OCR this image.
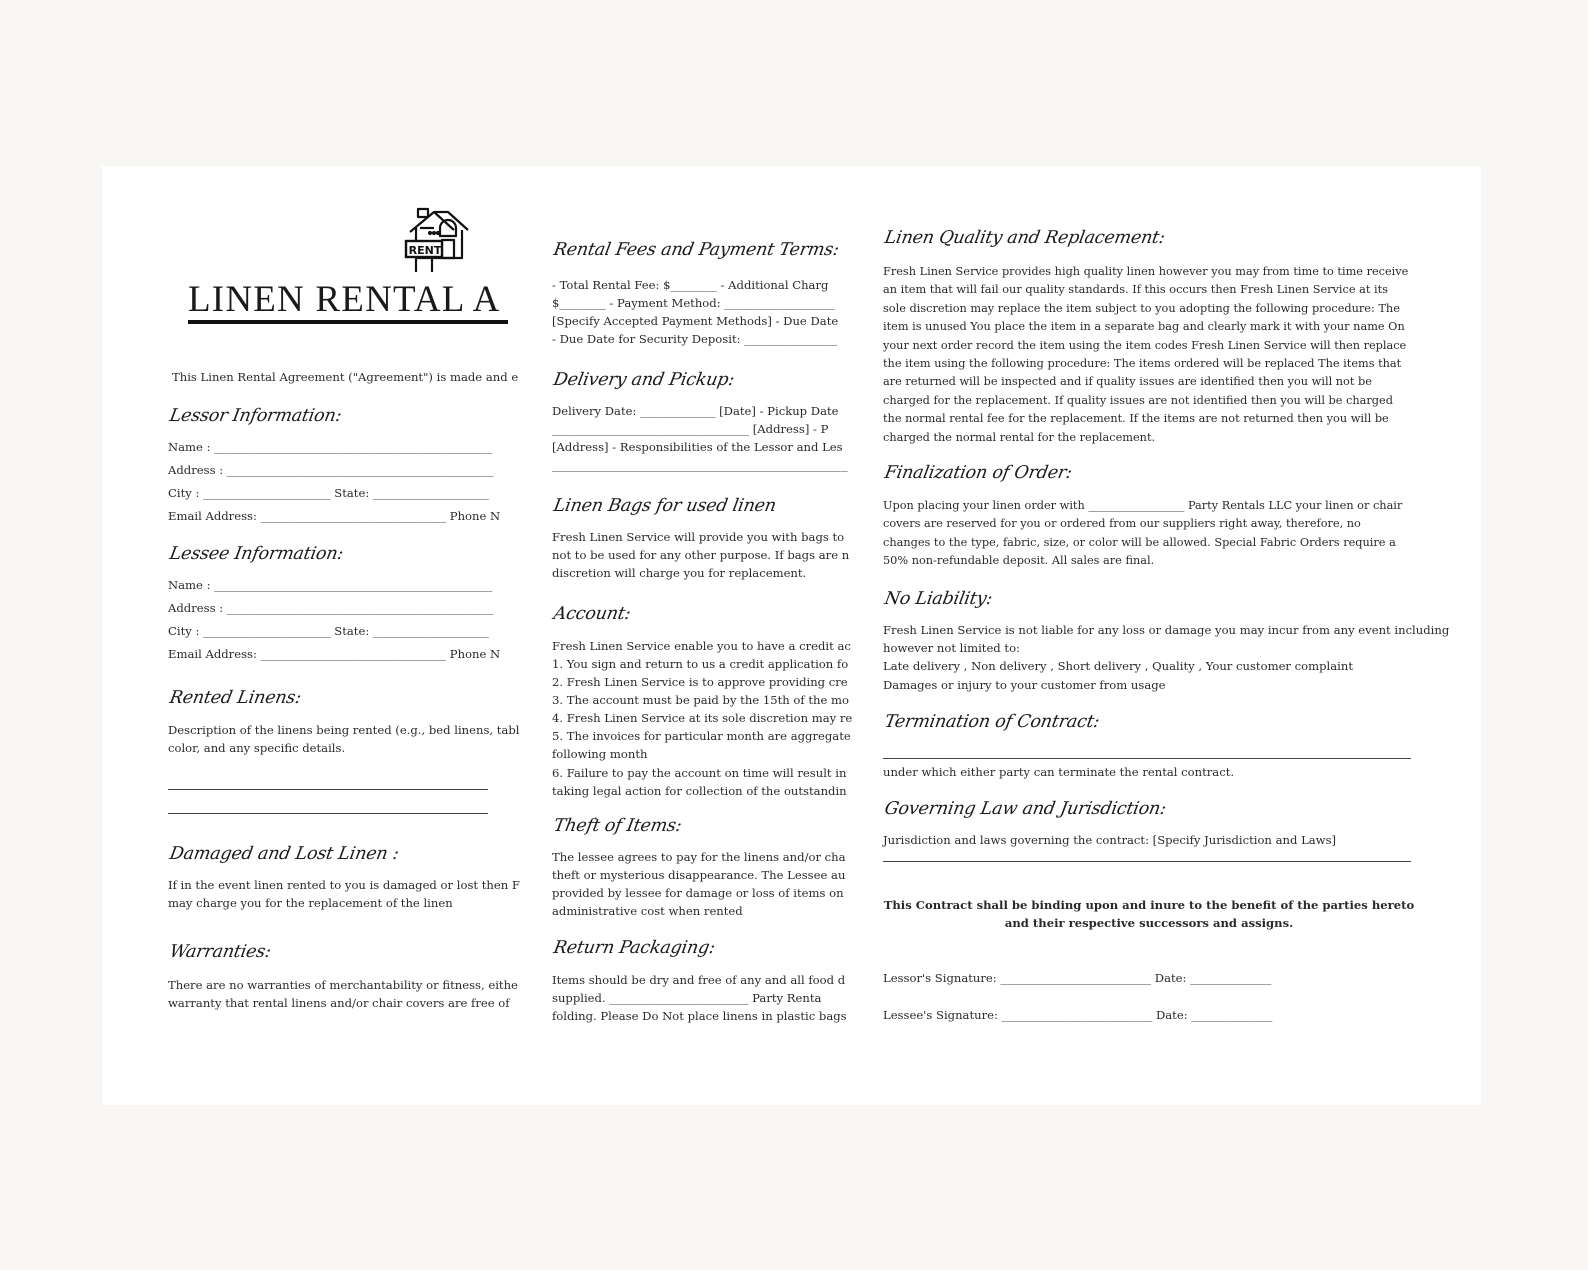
RENT
LINEN RENTAL A
This Linen Rental Agreement ("Agreement") is made and e
Lessor Information:
Name : ________________________________________________
Address : ______________________________________________
City : ______________________ State: ____________________
Email Address: ________________________________ Phone N
Lessee Information:
Name : ________________________________________________
Address : ______________________________________________
City : ______________________ State: ____________________
Email Address: ________________________________ Phone N
Rented Linens:
Description of the linens being rented (e.g., bed linens, tabl
color, and any specific details.
Damaged and Lost Linen :
If in the event linen rented to you is damaged or lost then F
may charge you for the replacement of the linen
Warranties:
There are no warranties of merchantability or fitness, eithe
warranty that rental linens and/or chair covers are free of
Rental Fees and Payment Terms:
- Total Rental Fee: $________ - Additional Charg
$________ - Payment Method: ___________________
[Specify Accepted Payment Methods] - Due Date
- Due Date for Security Deposit: ________________
Delivery and Pickup:
Delivery Date: _____________ [Date] - Pickup Date
__________________________________ [Address] - P
[Address] - Responsibilities of the Lessor and Les
___________________________________________________
Linen Bags for used linen
Fresh Linen Service will provide you with bags to
not to be used for any other purpose. If bags are n
discretion will charge you for replacement.
Account:
Fresh Linen Service enable you to have a credit ac
1. You sign and return to us a credit application fo
2. Fresh Linen Service is to approve providing cre
3. The account must be paid by the 15th of the mo
4. Fresh Linen Service at its sole discretion may re
5. The invoices for particular month are aggregate
following month
6. Failure to pay the account on time will result in
taking legal action for collection of the outstandin
Theft of Items:
The lessee agrees to pay for the linens and/or cha
theft or mysterious disappearance. The Lessee au
provided by lessee for damage or loss of items on
administrative cost when rented
Return Packaging:
Items should be dry and free of any and all food d
supplied. ________________________ Party Renta
folding. Please Do Not place linens in plastic bags
Linen Quality and Replacement:
Fresh Linen Service provides high quality linen however you may from time to time receive an item that will fail our quality standards. If this occurs then Fresh Linen Service at its sole discretion may replace the item subject to you adopting the following procedure: The item is unused You place the item in a separate bag and clearly mark it with your name On your next order record the item using the item codes Fresh Linen Service will then replace the item using the following procedure: The items ordered will be replaced The items that are returned will be inspected and if quality issues are identified then you will not be charged for the replacement. If quality issues are not identified then you will be charged the normal rental fee for the replacement. If the items are not returned then you will be charged the normal rental for the replacement.
Finalization of Order:
Upon placing your linen order with _________________ Party Rentals LLC your linen or chair covers are reserved for you or ordered from our suppliers right away, therefore, no changes to the type, fabric, size, or color will be allowed. Special Fabric Orders require a 50% non-refundable deposit. All sales are final.
No Liability:
Fresh Linen Service is not liable for any loss or damage you may incur from any event including
however not limited to:
Late delivery , Non delivery , Short delivery , Quality , Your customer complaint
Damages or injury to your customer from usage
Termination of Contract:
under which either party can terminate the rental contract.
Governing Law and Jurisdiction:
Jurisdiction and laws governing the contract: [Specify Jurisdiction and Laws]
This Contract shall be binding upon and inure to the benefit of the parties hereto
and their respective successors and assigns.
Lessor's Signature: __________________________ Date: ______________
Lessee's Signature: __________________________ Date: ______________
